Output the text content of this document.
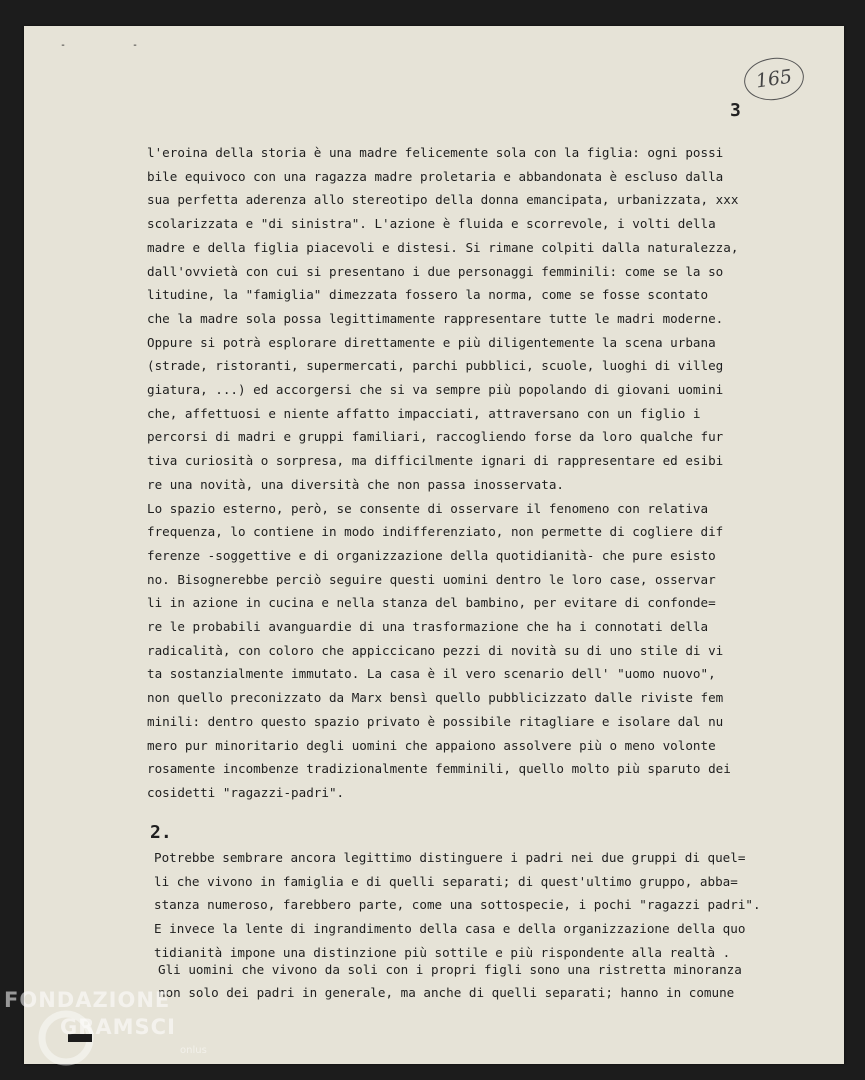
- -
165
3
l'eroina della storia è una madre felicemente sola con la figlia: ogni possi
bile equivoco con una ragazza madre proletaria e abbandonata è escluso dalla
sua perfetta aderenza allo stereotipo della donna emancipata, urbanizzata, xxx
scolarizzata e "di sinistra". L'azione è fluida e scorrevole, i volti della
madre e della figlia piacevoli e distesi. Si rimane colpiti dalla naturalezza,
dall'ovvietà con cui si presentano i due personaggi femminili: come se la so
litudine, la "famiglia" dimezzata fossero la norma, come se fosse scontato
che la madre sola possa legittimamente rappresentare tutte le madri moderne.
Oppure si potrà esplorare direttamente e più diligentemente la scena urbana
(strade, ristoranti, supermercati, parchi pubblici, scuole, luoghi di villeg
giatura, ...) ed accorgersi che si va sempre più popolando di giovani uomini
che, affettuosi e niente affatto impacciati, attraversano con un figlio i
percorsi di madri e gruppi familiari, raccogliendo forse da loro qualche fur
tiva curiosità o sorpresa, ma difficilmente ignari di rappresentare ed esibi
re una novità, una diversità che non passa inosservata.
Lo spazio esterno, però, se consente di osservare il fenomeno con relativa
frequenza, lo contiene in modo indifferenziato, non permette di cogliere dif
ferenze -soggettive e di organizzazione della quotidianità- che pure esisto
no. Bisognerebbe perciò seguire questi uomini dentro le loro case, osservar
li in azione in cucina e nella stanza del bambino, per evitare di confonde=
re le probabili avanguardie di una trasformazione che ha i connotati della
radicalità, con coloro che appiccicano pezzi di novità su di uno stile di vi
ta sostanzialmente immutato. La casa è il vero scenario dell' "uomo nuovo",
non quello preconizzato da Marx bensì quello pubblicizzato dalle riviste fem
minili: dentro questo spazio privato è possibile ritagliare e isolare dal nu
mero pur minoritario degli uomini che appaiono assolvere più o meno volonte
rosamente incombenze tradizionalmente femminili, quello molto più sparuto dei
cosidetti "ragazzi-padri".
2.
Potrebbe sembrare ancora legittimo distinguere i padri nei due gruppi di quel=
li che vivono in famiglia e di quelli separati; di quest'ultimo gruppo, abba=
stanza numeroso, farebbero parte, come una sottospecie, i pochi "ragazzi padri".
E invece la lente di ingrandimento della casa e della organizzazione della quo
tidianità impone una distinzione più sottile e più rispondente alla realtà .
Gli uomini che vivono da soli con i propri figli sono una ristretta minoranza
non solo dei padri in generale, ma anche di quelli separati; hanno in comune
FONDAZIONE
GRAMSCI
onlus
